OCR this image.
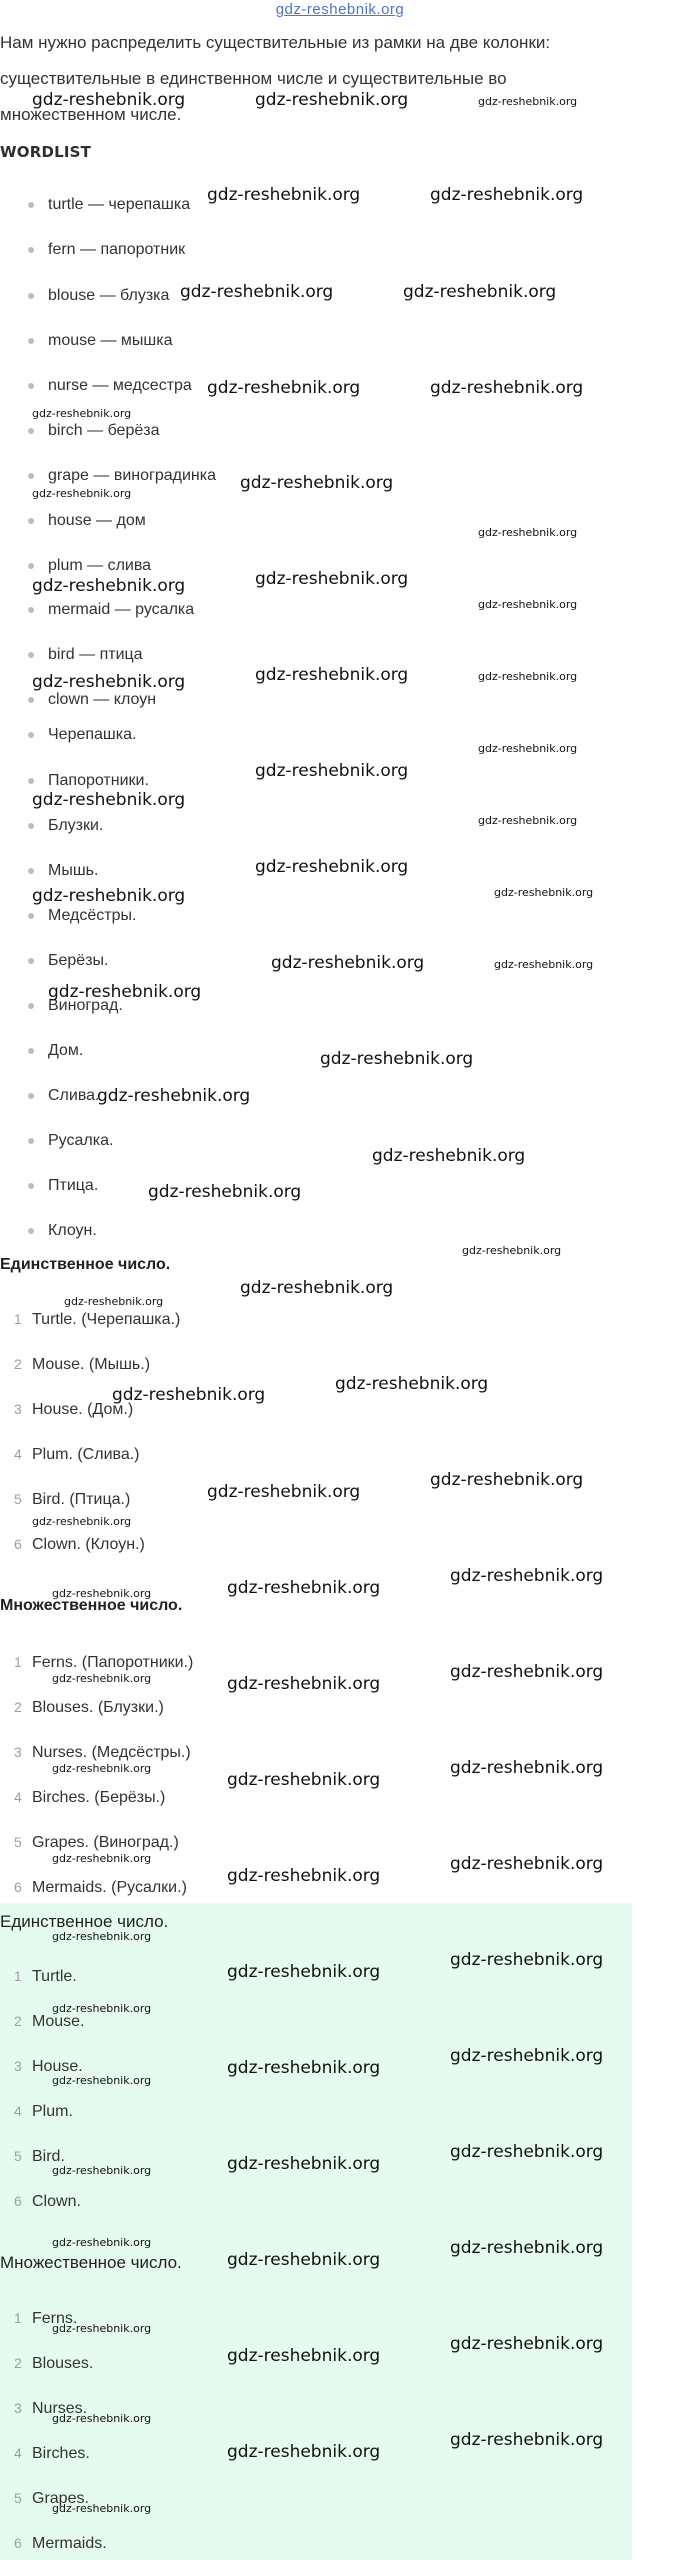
gdz-reshebnik.org
Нам нужно распределить существительные из рамки на две колонки:
существительные в единственном числе и существительные во
множественном числе.
WORDLIST
turtle — черепашка
fern — папоротник
blouse — блузка
mouse — мышка
nurse — медсестра
birch — берёза
grape — виноградинка
house — дом
plum — слива
mermaid — русалка
bird — птица
clown — клоун
Черепашка.
Папоротники.
Блузки.
Мышь.
Медсёстры.
Берёзы.
Виноград.
Дом.
Слива.
Русалка.
Птица.
Клоун.
Единственное число.
1 Turtle. (Черепашка.)
2 Mouse. (Мышь.)
3 House. (Дом.)
4 Plum. (Слива.)
5 Bird. (Птица.)
6 Clown. (Клоун.)
Множественное число.
1 Ferns. (Папоротники.)
2 Blouses. (Блузки.)
3 Nurses. (Медсёстры.)
4 Birches. (Берёзы.)
5 Grapes. (Виноград.)
6 Mermaids. (Русалки.)
Единственное число.
1 Turtle.
2 Mouse.
3 House.
4 Plum.
5 Bird.
6 Clown.
Множественное число.
1 Ferns.
2 Blouses.
3 Nurses.
4 Birches.
5 Grapes.
6 Mermaids.
gdz-reshebnik.org	gdz-reshebnik.org	gdz-reshebnik.org
gdz-reshebnik.org	gdz-reshebnik.org
gdz-reshebnik.org	gdz-reshebnik.org
gdz-reshebnik.org	gdz-reshebnik.org
gdz-reshebnik.org
gdz-reshebnik.org
gdz-reshebnik.org
gdz-reshebnik.org
gdz-reshebnik.org	gdz-reshebnik.org
gdz-reshebnik.org
gdz-reshebnik.org	gdz-reshebnik.org	gdz-reshebnik.org
gdz-reshebnik.org
gdz-reshebnik.org
gdz-reshebnik.org
gdz-reshebnik.org
gdz-reshebnik.org
gdz-reshebnik.org	gdz-reshebnik.org
gdz-reshebnik.org	gdz-reshebnik.org
gdz-reshebnik.org
gdz-reshebnik.org
gdz-reshebnik.org
gdz-reshebnik.org
gdz-reshebnik.org
gdz-reshebnik.org
gdz-reshebnik.org
gdz-reshebnik.org
gdz-reshebnik.org
gdz-reshebnik.org
gdz-reshebnik.org
gdz-reshebnik.org
gdz-reshebnik.org
gdz-reshebnik.org
gdz-reshebnik.org
gdz-reshebnik.org
gdz-reshebnik.org
gdz-reshebnik.org
gdz-reshebnik.org
gdz-reshebnik.org
gdz-reshebnik.org
gdz-reshebnik.org
gdz-reshebnik.org
gdz-reshebnik.org
gdz-reshebnik.org
gdz-reshebnik.org
gdz-reshebnik.org
gdz-reshebnik.org
gdz-reshebnik.org
gdz-reshebnik.org
gdz-reshebnik.org
gdz-reshebnik.org
gdz-reshebnik.org
gdz-reshebnik.org
gdz-reshebnik.org
gdz-reshebnik.org	gdz-reshebnik.org
gdz-reshebnik.org
gdz-reshebnik.org
gdz-reshebnik.org
gdz-reshebnik.org
gdz-reshebnik.org
gdz-reshebnik.org
gdz-reshebnik.org
gdz-reshebnik.org
